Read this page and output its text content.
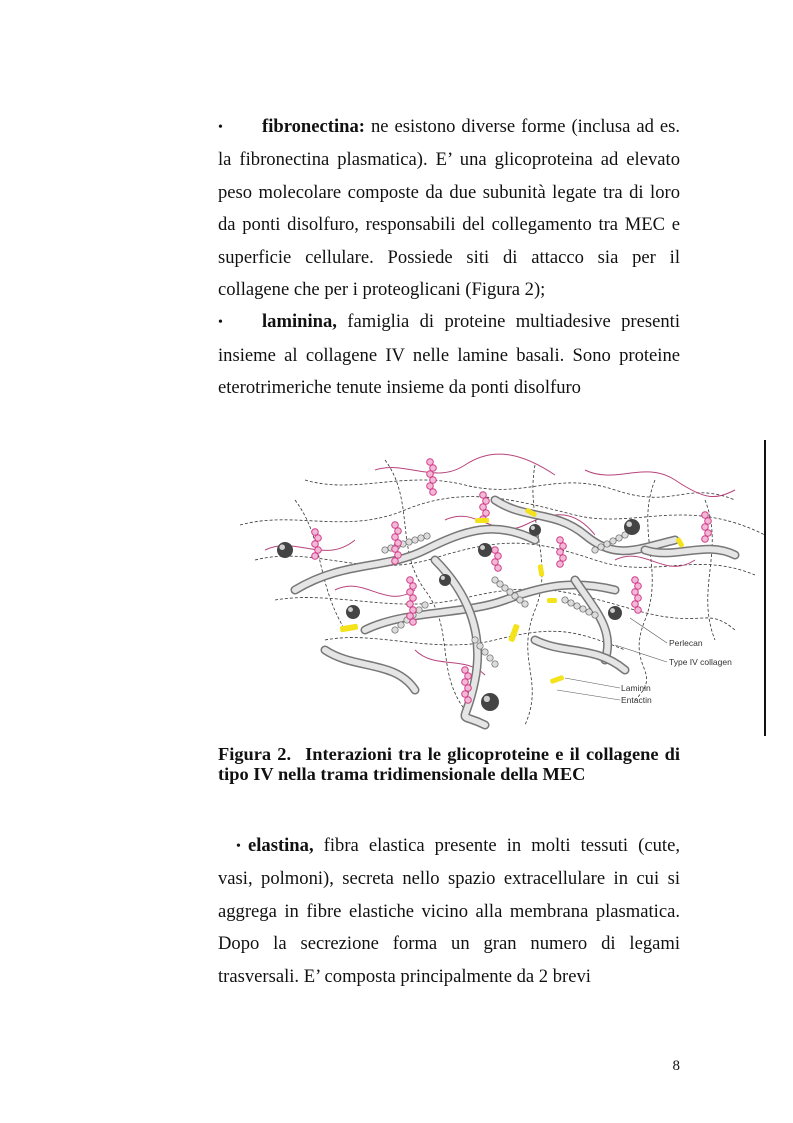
• fibronectina: ne esistono diverse forme (inclusa ad es. la fibronectina plasmatica). E’ una glicoproteina ad elevato peso molecolare composte da due subunità legate tra di loro da ponti disolfuro, responsabili del collegamento tra MEC e superficie cellulare. Possiede siti di attacco sia per il collagene che per i proteoglicani (Figura 2);

• laminina, famiglia di proteine multiadesive presenti insieme al collagene IV nelle lamine basali. Sono proteine eterotrimeriche tenute insieme da ponti disolfuro

Perlecan
Type IV collagen
Laminin
Entactin
Figura 2. Interazioni tra le glicoproteine e il collagene di tipo IV nella trama tridimensionale della MEC

• elastina, fibra elastica presente in molti tessuti (cute, vasi, polmoni), secreta nello spazio extracellulare in cui si aggrega in fibre elastiche vicino alla membrana plasmatica. Dopo la secrezione forma un gran numero di legami trasversali. E’ composta principalmente da 2 brevi

8
